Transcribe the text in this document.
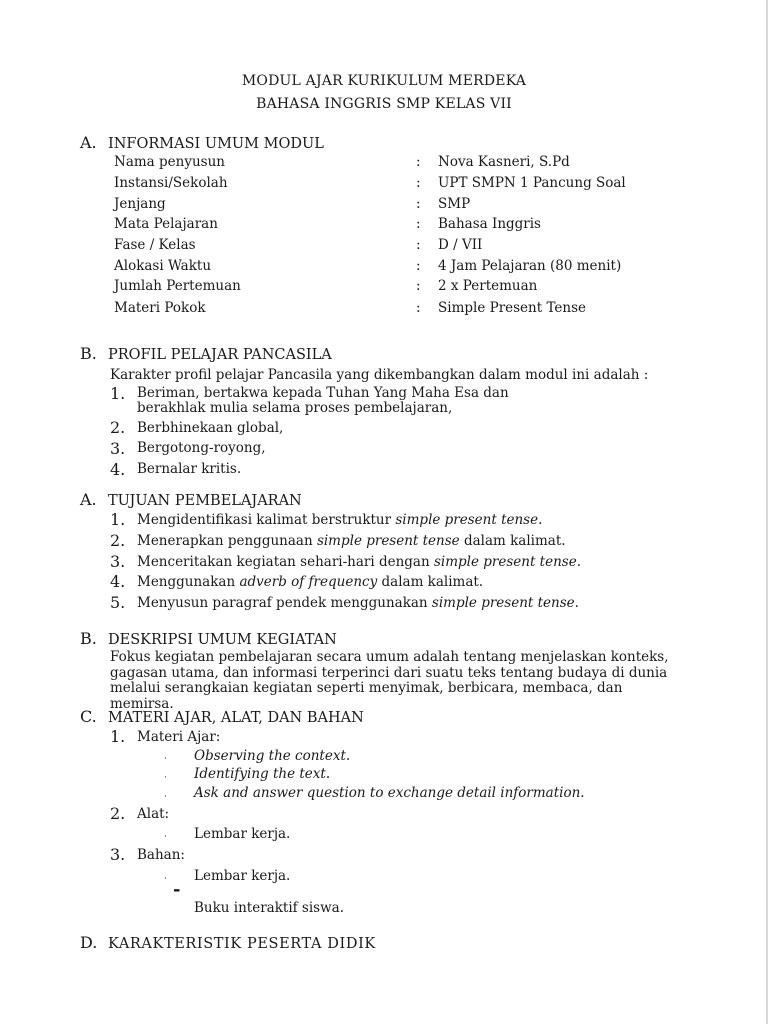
MODUL AJAR KURIKULUM MERDEKA
BAHASA INGGRIS SMP KELAS VII
A. INFORMASI UMUM MODUL
Nama penyusun	: Nova Kasneri, S.Pd
Instansi/Sekolah	: UPT SMPN 1 Pancung Soal
Jenjang	: SMP
Mata Pelajaran	: Bahasa Inggris
Fase / Kelas	: D / VII
Alokasi Waktu	: 4 Jam Pelajaran (80 menit)
Jumlah Pertemuan	: 2 x Pertemuan
Materi Pokok	: Simple Present Tense
B. PROFIL PELAJAR PANCASILA
Karakter profil pelajar Pancasila yang dikembangkan dalam modul ini adalah :
1. Beriman, bertakwa kepada Tuhan Yang Maha Esa dan
berakhlak mulia selama proses pembelajaran,
2. Berbhinekaan global,
3. Bergotong-royong,
4. Bernalar kritis.
A. TUJUAN PEMBELAJARAN
1. Mengidentifikasi kalimat berstruktur simple present tense.
2. Menerapkan penggunaan simple present tense dalam kalimat.
3. Menceritakan kegiatan sehari-hari dengan simple present tense.
4. Menggunakan adverb of frequency dalam kalimat.
5. Menyusun paragraf pendek menggunakan simple present tense.
B. DESKRIPSI UMUM KEGIATAN
Fokus kegiatan pembelajaran secara umum adalah tentang menjelaskan konteks, gagasan utama, dan informasi terperinci dari suatu teks tentang budaya di dunia melalui serangkaian kegiatan seperti menyimak, berbicara, membaca, dan memirsa.
C. MATERI AJAR, ALAT, DAN BAHAN
1. Materi Ajar:
· Observing the context.
· Identifying the text.
· Ask and answer question to exchange detail information.
2. Alat:
· Lembar kerja.
3. Bahan:
· Lembar kerja.
-
Buku interaktif siswa.
D. KARAKTERISTIK PESERTA DIDIK
